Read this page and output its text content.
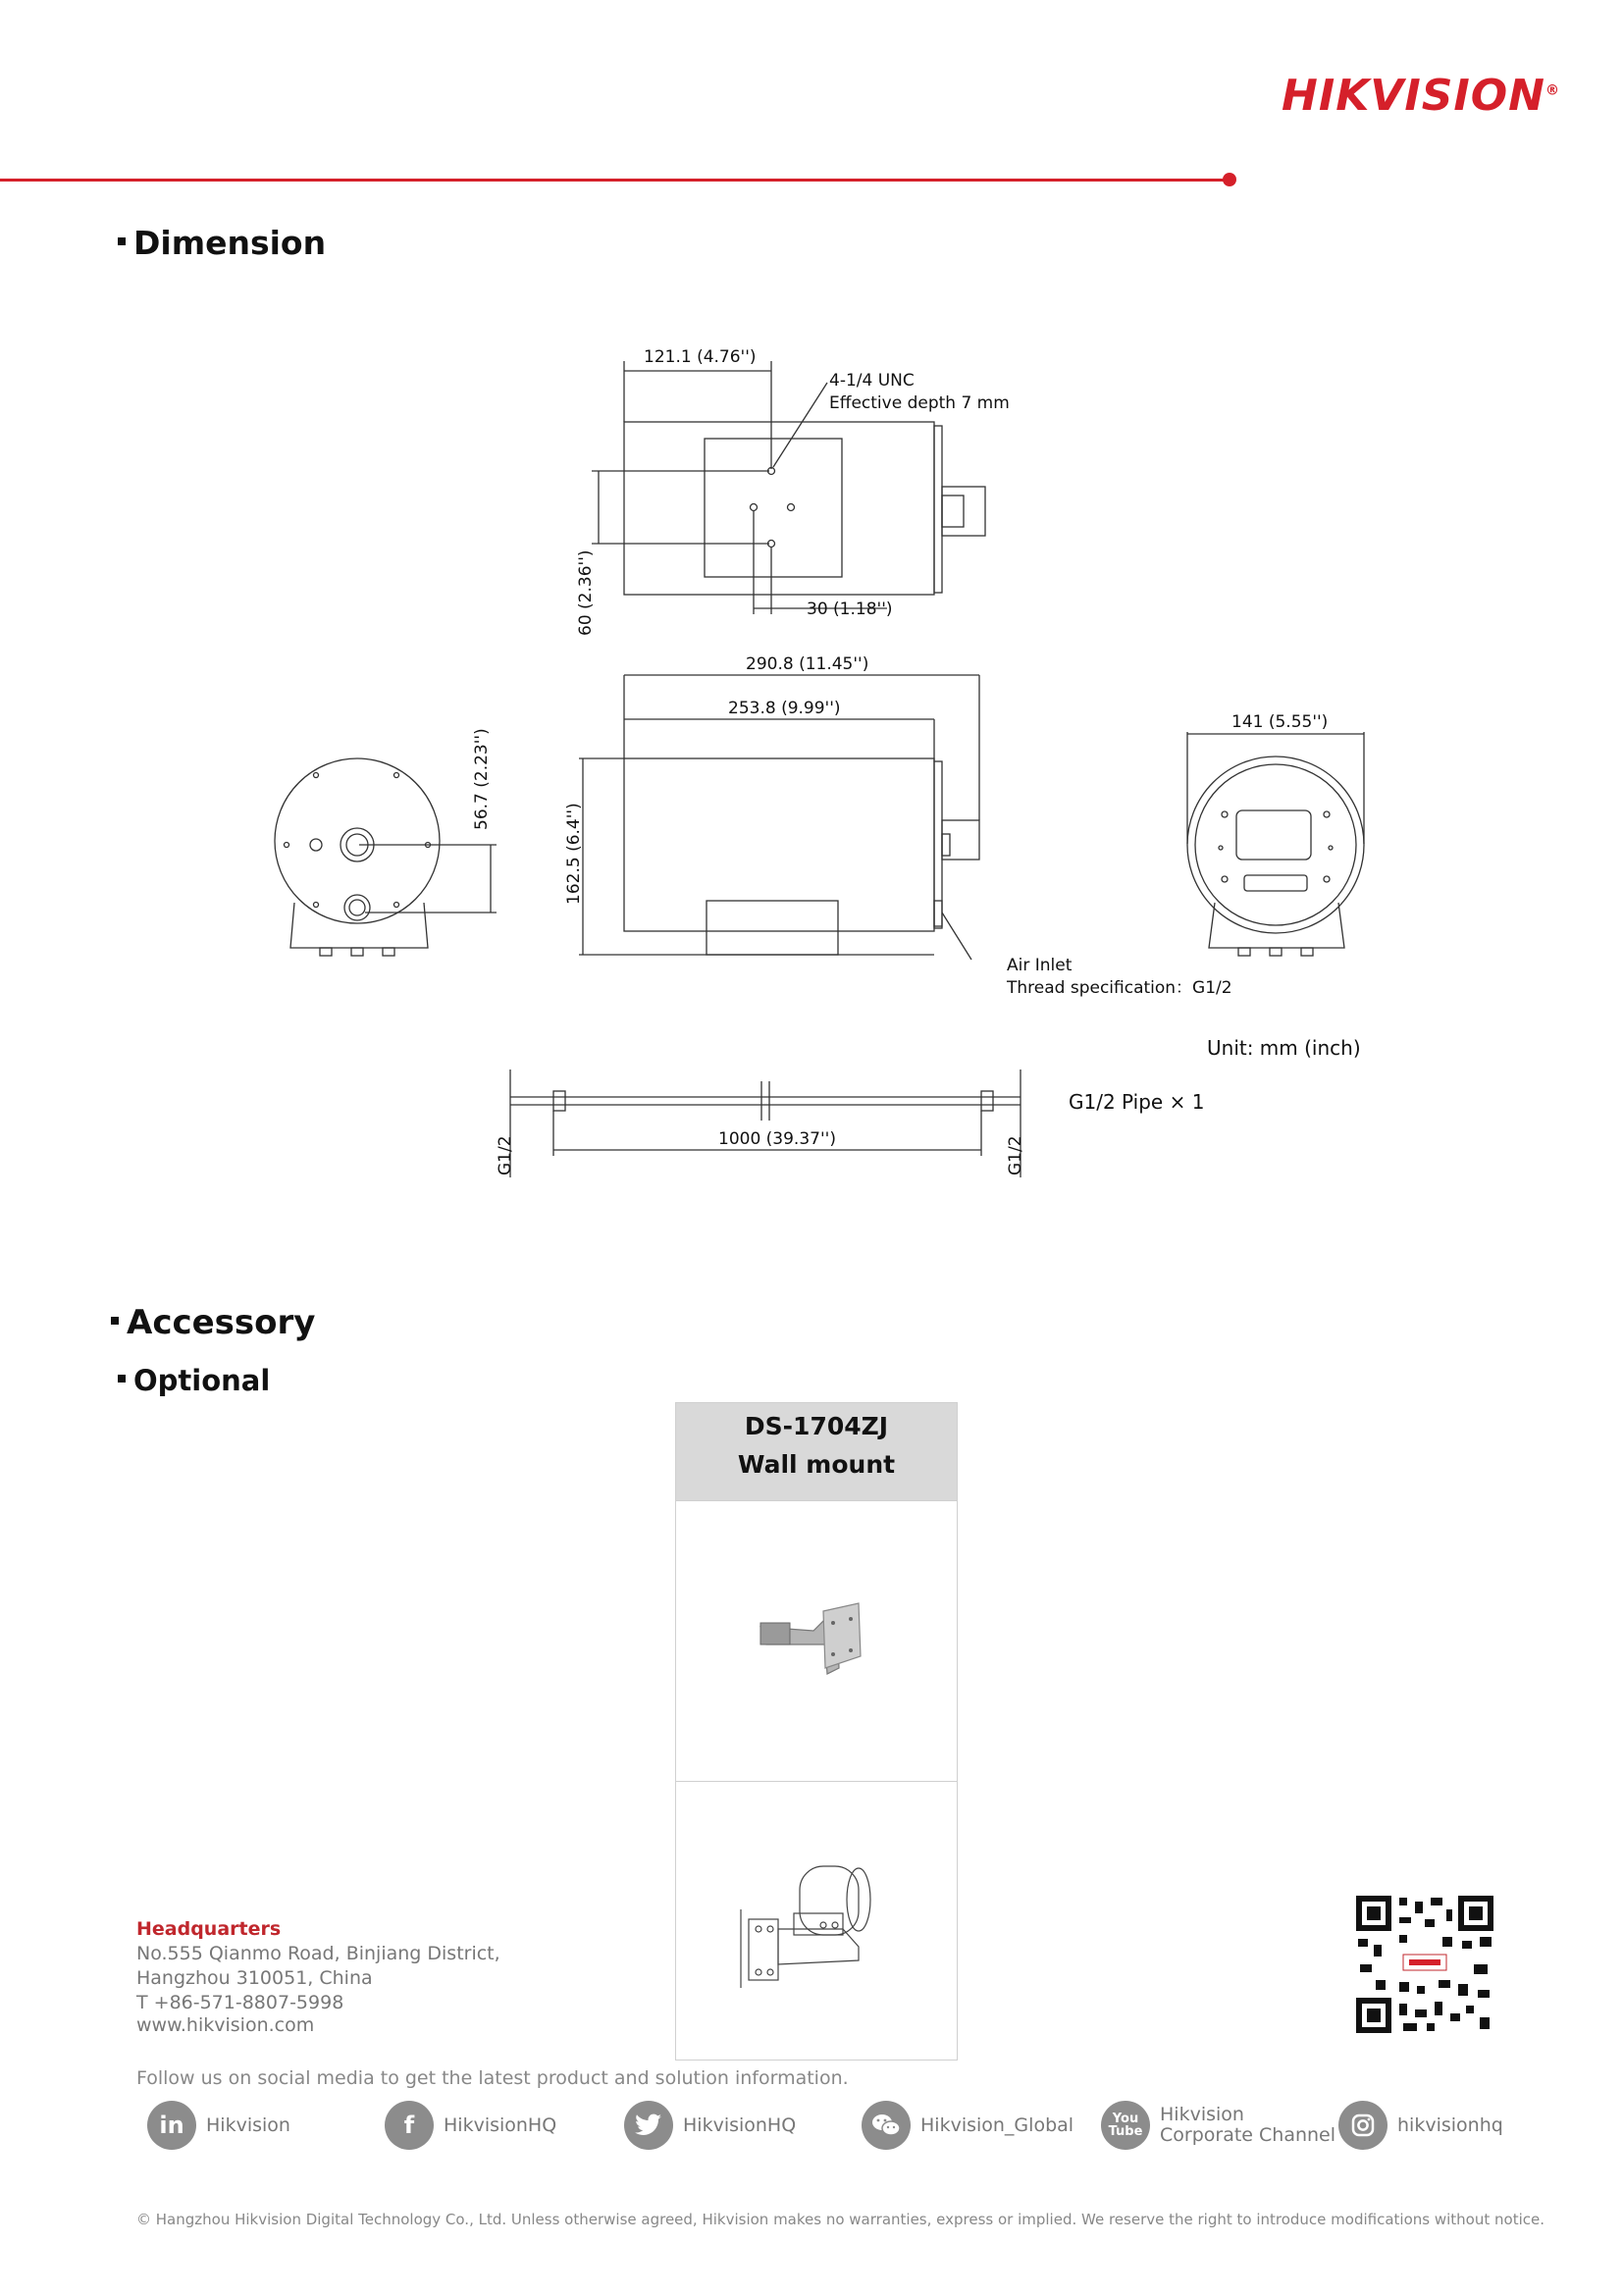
HIKVISION®
Dimension
121.1 (4.76'')
4-1/4 UNC
Effective depth 7 mm
60 (2.36'')	30 (1.18'')
290.8 (11.45'')
253.8 (9.99'')
141 (5.55'')
56.7 (2.23'')
162.5 (6.4'')
Air Inlet
Thread specification：G1/2
Unit: mm (inch)
G1/2 Pipe × 1
1000 (39.37'')
G1/2	G1/2
Accessory
Optional
DS-1704ZJ
Wall mount
Headquarters
No.555 Qianmo Road, Binjiang District,
Hangzhou 310051, China
T +86-571-8807-5998
www.hikvision.com
Follow us on social media to get the latest product and solution information.
in	Hikvision	f	HikvisionHQ	HikvisionHQ	Hikvision_Global	You
Tube
Hikvision
Corporate Channel	hikvisionhq
© Hangzhou Hikvision Digital Technology Co., Ltd. Unless otherwise agreed, Hikvision makes no warranties, express or implied. We reserve the right to introduce modifications without notice.
